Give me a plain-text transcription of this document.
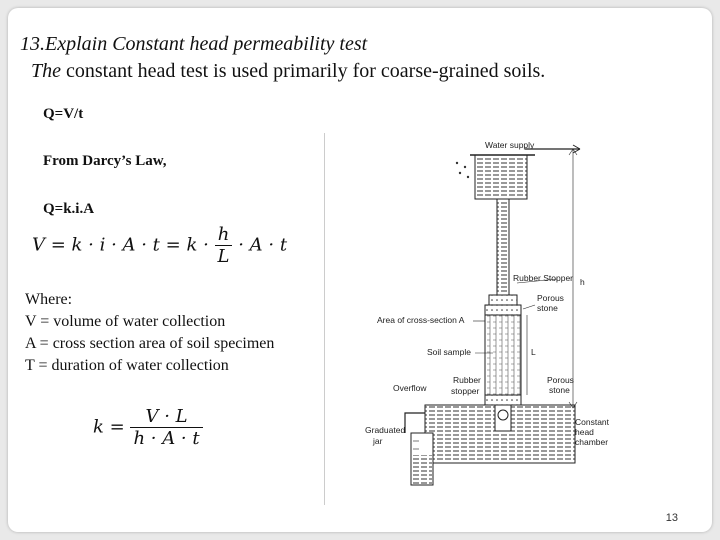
13.Explain Constant head permeability test
The constant head test is used primarily for coarse-grained soils.
Q=V/t
From Darcy’s Law,
Q=k.i.A
$V = k \cdot i \cdot A \cdot t = k \cdot \frac{h}{L} \cdot A \cdot t$
Where:
V = volume of water collection
A = cross section area of soil specimen
T = duration of water collection
$k = \frac{V \cdot L}{h \cdot A \cdot t}$
Water supply
Rubber Stopper h
Porous
stone
Area of cross-section A
Soil sample	L
Rubber
stopper
Porous
stone
Overflow
Graduated
jar
Constant
head
chamber
13
